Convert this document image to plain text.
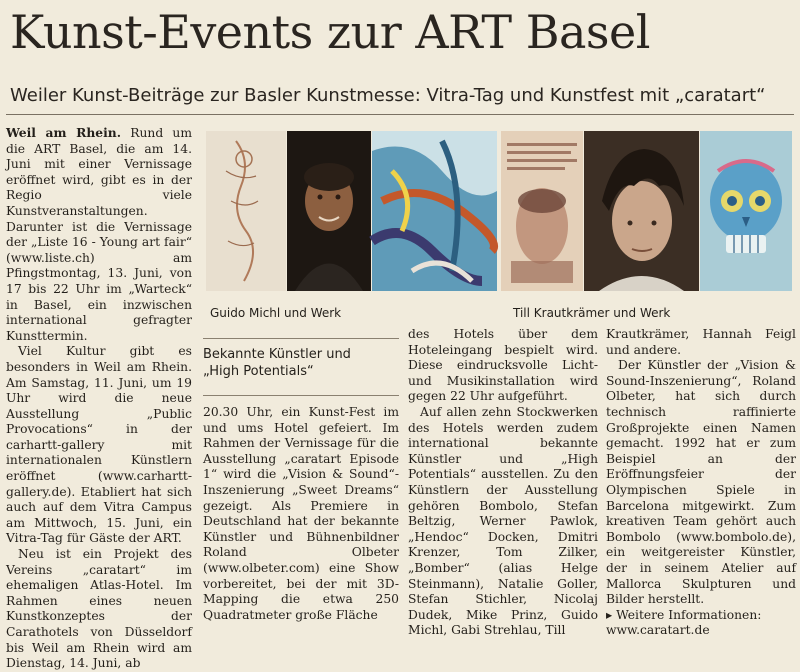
Kunst-Events zur ART Basel
Weiler Kunst-Beiträge zur Basler Kunstmesse: Vitra-Tag und Kunstfest mit „caratart“

Weil am Rhein. Rund um die ART Basel, die am 14. Juni mit einer Vernissage eröffnet wird, gibt es in der Regio viele Kunstveranstaltungen. Darunter ist die Vernissage der „Liste 16 - Young art fair“ (www.liste.ch) am Pfingstmontag, 13. Juni, von 17 bis 22 Uhr im „Warteck“ in Basel, ein inzwischen international gefragter Kunsttermin.

Viel Kultur gibt es besonders in Weil am Rhein. Am Samstag, 11. Juni, um 19 Uhr wird die neue Ausstellung „Public Provocations“ in der carhartt-gallery mit internationalen Künstlern eröffnet (www.carhartt-gallery.de). Etabliert hat sich auch auf dem Vitra Campus am Mittwoch, 15. Juni, ein Vitra-Tag für Gäste der ART.

Neu ist ein Projekt des Vereins „caratart“ im ehemaligen Atlas-Hotel. Im Rahmen eines neuen Kunstkonzeptes der Carathotels von Düsseldorf bis Weil am Rhein wird am Dienstag, 14. Juni, ab

Guido Michl und Werk	Till Krautkrämer und Werk
Bekannte Künstler und
„High Potentials“

20.30 Uhr, ein Kunst-Fest im und ums Hotel gefeiert. Im Rahmen der Vernissage für die Ausstellung „caratart Episode 1“ wird die „Vision & Sound“-Inszenierung „Sweet Dreams“ gezeigt. Als Premiere in Deutschland hat der bekannte Künstler und Bühnenbildner Roland Olbeter (www.olbeter.com) eine Show vorbereitet, bei der mit 3D-Mapping die etwa 250 Quadratmeter große Fläche

des Hotels über dem Hoteleingang bespielt wird. Diese eindrucksvolle Licht- und Musikinstallation wird gegen 22 Uhr aufgeführt.

Auf allen zehn Stockwerken des Hotels werden zudem international bekannte Künstler und „High Potentials“ ausstellen. Zu den Künstlern der Ausstellung gehören Bombolo, Stefan Beltzig, Werner Pawlok, „Hendoc“ Docken, Dmitri Krenzer, Tom Zilker, „Bomber“ (alias Helge Steinmann), Natalie Goller, Stefan Stichler, Nicolaj Dudek, Mike Prinz, Guido Michl, Gabi Strehlau, Till

Krautkrämer, Hannah Feigl und andere.

Der Künstler der „Vision & Sound-Inszenierung“, Roland Olbeter, hat sich durch technisch raffinierte Großprojekte einen Namen gemacht. 1992 hat er zum Beispiel an der Eröffnungsfeier der Olympischen Spiele in Barcelona mitgewirkt. Zum kreativen Team gehört auch Bombolo (www.bombolo.de), ein weitgereister Künstler, der in seinem Atelier auf Mallorca Skulpturen und Bilder herstellt.

▸ Weitere Informationen:
www.caratart.de
